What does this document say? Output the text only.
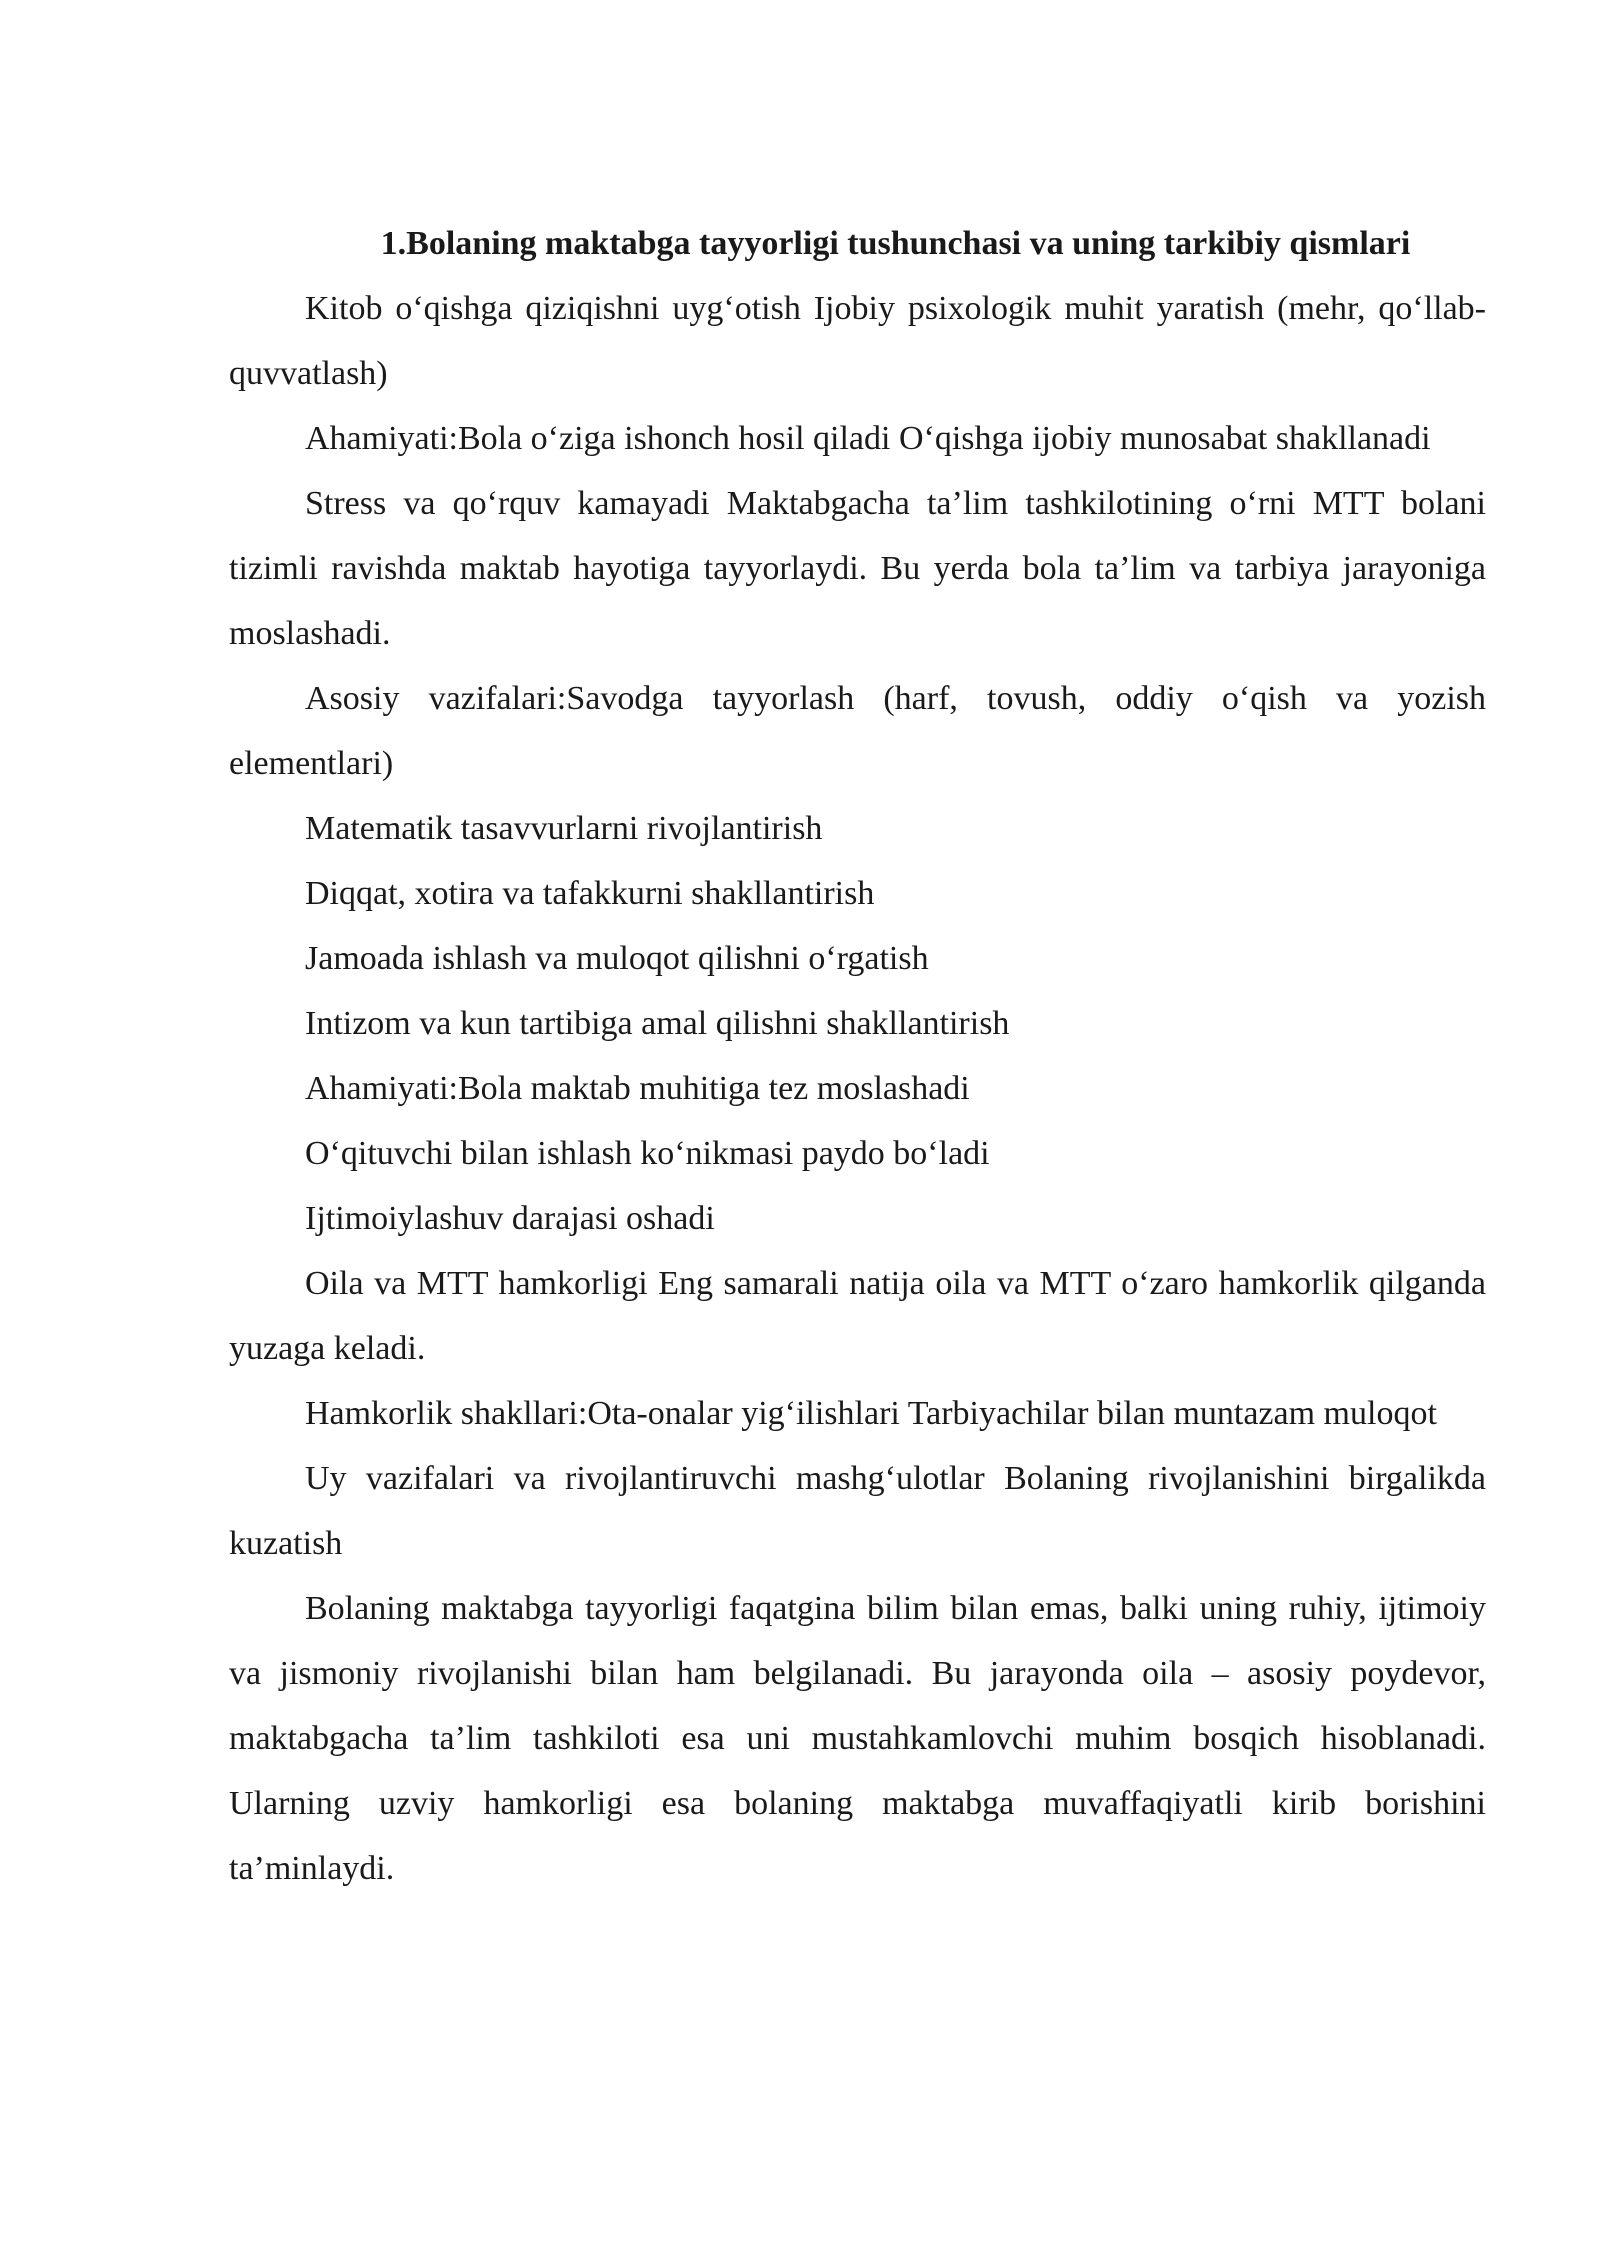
1.Bolaning maktabga tayyorligi tushunchasi va uning tarkibiy qismlari

Kitob o‘qishga qiziqishni uyg‘otish Ijobiy psixologik muhit yaratish (mehr, qo‘llab-quvvatlash)

Ahamiyati:Bola o‘ziga ishonch hosil qiladi O‘qishga ijobiy munosabat shakllanadi

Stress va qo‘rquv kamayadi Maktabgacha ta’lim tashkilotining o‘rni MTT bolani tizimli ravishda maktab hayotiga tayyorlaydi. Bu yerda bola ta’lim va tarbiya jarayoniga moslashadi.

Asosiy vazifalari:Savodga tayyorlash (harf, tovush, oddiy o‘qish va yozish elementlari)

Matematik tasavvurlarni rivojlantirish

Diqqat, xotira va tafakkurni shakllantirish

Jamoada ishlash va muloqot qilishni o‘rgatish

Intizom va kun tartibiga amal qilishni shakllantirish

Ahamiyati:Bola maktab muhitiga tez moslashadi

O‘qituvchi bilan ishlash ko‘nikmasi paydo bo‘ladi

Ijtimoiylashuv darajasi oshadi

Oila va MTT hamkorligi Eng samarali natija oila va MTT o‘zaro hamkorlik qilganda yuzaga keladi.

Hamkorlik shakllari:Ota-onalar yig‘ilishlari Tarbiyachilar bilan muntazam muloqot

Uy vazifalari va rivojlantiruvchi mashg‘ulotlar Bolaning rivojlanishini birgalikda kuzatish

Bolaning maktabga tayyorligi faqatgina bilim bilan emas, balki uning ruhiy, ijtimoiy va jismoniy rivojlanishi bilan ham belgilanadi. Bu jarayonda oila – asosiy poydevor, maktabgacha ta’lim tashkiloti esa uni mustahkamlovchi muhim bosqich hisoblanadi. Ularning uzviy hamkorligi esa bolaning maktabga muvaffaqiyatli kirib borishini ta’minlaydi.
